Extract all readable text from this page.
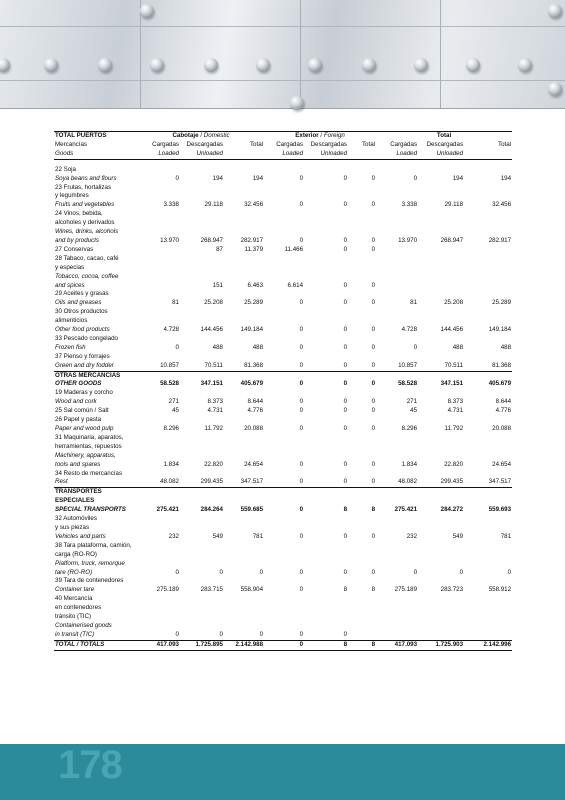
TOTAL PUERTOS	Cabotaje / Domestic			Exterior / Foreign			Total		
Mercancías	Cargadas	Descargadas	Total	Cargadas	Descargadas	Total	Cargadas	Descargadas	Total
Goods	Loaded	Unloaded		Loaded	Unloaded		Loaded	Unloaded	

22 Soja									
Soya beans and flours	0	194	194	0	0	0	0	194	194
23 Frutas, hortalizas									
y legumbres									
Fruits and vegetables	3.338	29.118	32.456	0	0	0	3.338	29.118	32.456
24 Vinos, bebida,									
alcoholes y derivados									
Wines, drinks, alcohols									
and by products	13.970	268.947	282.917	0	0	0	13.970	268.947	282.917
27 Conservas		87	11.379	11.466	0	0			
28 Tabaco, cacao, café									
y especias									
Tobacco, cocoa, coffee									
and spices		151	6.463	6.614	0	0			
29 Aceites y grasas									
Oils and greases	81	25.208	25.289	0	0	0	81	25.208	25.289
30 Otros productos									
alimenticios									
Other food products	4.728	144.456	149.184	0	0	0	4.728	144.456	149.184
33 Pescado congelado									
Frozen fish	0	488	488	0	0	0	0	488	488
37 Pienso y forrajes									
Green and dry fodder	10.857	70.511	81.368	0	0	0	10.857	70.511	81.368
OTRAS MERCANCIAS									
OTHER GOODS	58.528	347.151	405.679	0	0	0	58.528	347.151	405.679
19 Maderas y corcho									
Wood and cork	271	8.373	8.644	0	0	0	271	8.373	8.644
25 Sal común / Salt	45	4.731	4.776	0	0	0	45	4.731	4.776
26 Papel y pasta									
Paper and wood pulp	8.296	11.792	20.088	0	0	0	8.296	11.792	20.088
31 Maquinaria, aparatos,									
herramientas, repuestos									
Machinery, apparatus,									
tools and spares	1.834	22.820	24.654	0	0	0	1.834	22.820	24.654
34 Resto de mercancías									
Rest	48.082	299.435	347.517	0	0	0	48.082	299.435	347.517
TRANSPORTES									
ESPECIALES									
SPECIAL TRANSPORTS	275.421	284.264	559.685	0	8	8	275.421	284.272	559.693
32 Automóviles									
y sus piezas									
Vehicles and parts	232	549	781	0	0	0	232	549	781
38 Tara plataforma, camión,									
carga (RO-RO)									
Platform, truck, remorque									
tare (RO-RO)	0	0	0	0	0	0	0	0	0
39 Tara de contenedores									
Container tare	275.189	283.715	558.904	0	8	8	275.189	283.723	558.912
40 Mercancía									
en contenedores									
tránsito (TIC)									
Containerised goods									
in transit (TIC)	0	0	0	0	0				
TOTAL / TOTALS	417.093	1.725.895	2.142.988	0	8	8	417.093	1.725.903	2.142.996
178
